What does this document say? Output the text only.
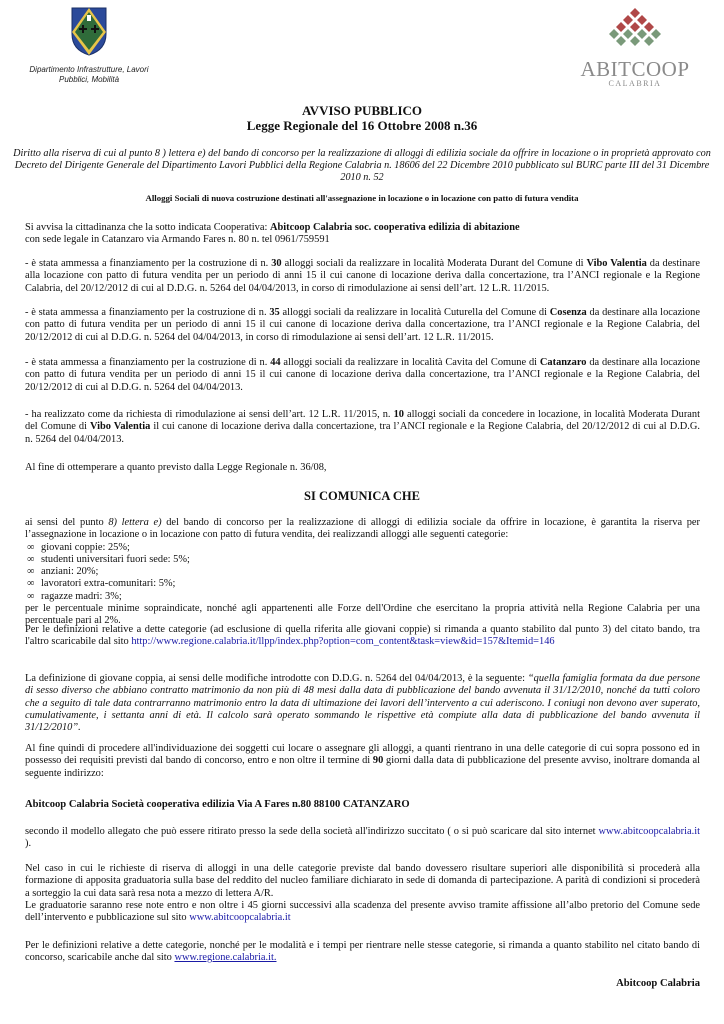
Dipartimento Infrastrutture, Lavori Pubblici, Mobilità	ABITCOOP
CALABRIA
AVVISO PUBBLICO
Legge Regionale del 16 Ottobre 2008 n.36
Diritto alla riserva di cui al punto 8 ) lettera e) del bando di concorso per la realizzazione di alloggi di edilizia sociale da offrire in locazione o in proprietà approvato con Decreto del Dirigente Generale del Dipartimento Lavori Pubblici della Regione Calabria n. 18606 del 22 Dicembre 2010 pubblicato sul BURC parte III del 31 Dicembre 2010 n. 52
Alloggi Sociali di nuova costruzione destinati all'assegnazione in locazione o in locazione con patto di futura vendita
Si avvisa la cittadinanza che la sotto indicata Cooperativa: Abitcoop Calabria soc. cooperativa edilizia di abitazione
con sede legale in Catanzaro via Armando Fares n. 80 n. tel 0961/759591
- è stata ammessa a finanziamento per la costruzione di n. 30 alloggi sociali da realizzare in località Moderata Durant del Comune di Vibo Valentia da destinare alla locazione con patto di futura vendita per un periodo di anni 15 il cui canone di locazione deriva dalla concertazione, tra l’ANCI regionale e la Regione Calabria, del 20/12/2012 di cui al D.D.G. n. 5264 del 04/04/2013, in corso di rimodulazione ai sensi dell’art. 12 L.R. 11/2015.
- è stata ammessa a finanziamento per la costruzione di n. 35 alloggi sociali da realizzare in località Cuturella del Comune di Cosenza da destinare alla locazione con patto di futura vendita per un periodo di anni 15 il cui canone di locazione deriva dalla concertazione, tra l’ANCI regionale e la Regione Calabria, del 20/12/2012 di cui al D.D.G. n. 5264 del 04/04/2013, in corso di rimodulazione ai sensi dell’art. 12 L.R. 11/2015.
- è stata ammessa a finanziamento per la costruzione di n. 44 alloggi sociali da realizzare in località Cavita del Comune di Catanzaro da destinare alla locazione con patto di futura vendita per un periodo di anni 15 il cui canone di locazione deriva dalla concertazione, tra l’ANCI regionale e la Regione Calabria, del 20/12/2012 di cui al D.D.G. n. 5264 del 04/04/2013.
- ha realizzato come da richiesta di rimodulazione ai sensi dell’art. 12 L.R. 11/2015, n. 10 alloggi sociali da concedere in locazione, in località Moderata Durant del Comune di Vibo Valentia il cui canone di locazione deriva dalla concertazione, tra l’ANCI regionale e la Regione Calabria, del 20/12/2012 di cui al D.D.G. n. 5264 del 04/04/2013.
Al fine di ottemperare a quanto previsto dalla Legge Regionale n. 36/08,
SI COMUNICA CHE
ai sensi del punto 8) lettera e) del bando di concorso per la realizzazione di alloggi di edilizia sociale da offrire in locazione, è garantita la riserva per l’assegnazione in locazione o in locazione con patto di futura vendita, dei realizzandi alloggi alle seguenti categorie:
∞ giovani coppie: 25%;
∞ studenti universitari fuori sede: 5%;
∞ anziani: 20%;
∞ lavoratori extra-comunitari: 5%;
∞ ragazze madri: 3%;
per le percentuale minime sopraindicate, nonché agli appartenenti alle Forze dell'Ordine che esercitano la propria attività nella Regione Calabria per una percentuale pari al 2%.
Per le definizioni relative a dette categorie (ad esclusione di quella riferita alle giovani coppie) si rimanda a quanto stabilito dal punto 3) del citato bando, tra l'altro scaricabile dal sito http://www.regione.calabria.it/llpp/index.php?option=com_content&task=view&id=157&Itemid=146
La definizione di giovane coppia, ai sensi delle modifiche introdotte con D.D.G. n. 5264 del 04/04/2013, è la seguente: “quella famiglia formata da due persone di sesso diverso che abbiano contratto matrimonio da non più di 48 mesi dalla data di pubblicazione del bando avvenuta il 31/12/2010, nonché da tutti coloro che a seguito di tale data contrarranno matrimonio entro la data di ultimazione dei lavori dell’intervento a cui aderiscono. I coniugi non devono aver superato, cumulativamente, i settanta anni di età. Il calcolo sarà operato sommando le rispettive età compiute alla data di pubblicazione del bando avvenuta il 31/12/2010”.
Al fine quindi di procedere all'individuazione dei soggetti cui locare o assegnare gli alloggi, a quanti rientrano in una delle categorie di cui sopra possono ed in possesso dei requisiti previsti dal bando di concorso, entro e non oltre il termine di 90 giorni dalla data di pubblicazione del presente avviso, inoltrare domanda al seguente indirizzo:
Abitcoop Calabria Società cooperativa edilizia Via A Fares n.80 88100 CATANZARO
secondo il modello allegato che può essere ritirato presso la sede della società all'indirizzo succitato ( o si può scaricare dal sito internet www.abitcoopcalabria.it ).
Nel caso in cui le richieste di riserva di alloggi in una delle categorie previste dal bando dovessero risultare superiori alle disponibilità si procederà alla formazione di apposita graduatoria sulla base del reddito del nucleo familiare dichiarato in sede di domanda di partecipazione. A parità di condizioni si procederà a sorteggio la cui data sarà resa nota a mezzo di lettera A/R.
Le graduatorie saranno rese note entro e non oltre i 45 giorni successivi alla scadenza del presente avviso tramite affissione all’albo pretorio del Comune sede dell’intervento e pubblicazione sul sito www.abitcoopcalabria.it
Per le definizioni relative a dette categorie, nonché per le modalità e i tempi per rientrare nelle stesse categorie, si rimanda a quanto stabilito nel citato bando di concorso, scaricabile anche dal sito www.regione.calabria.it.
Abitcoop Calabria
